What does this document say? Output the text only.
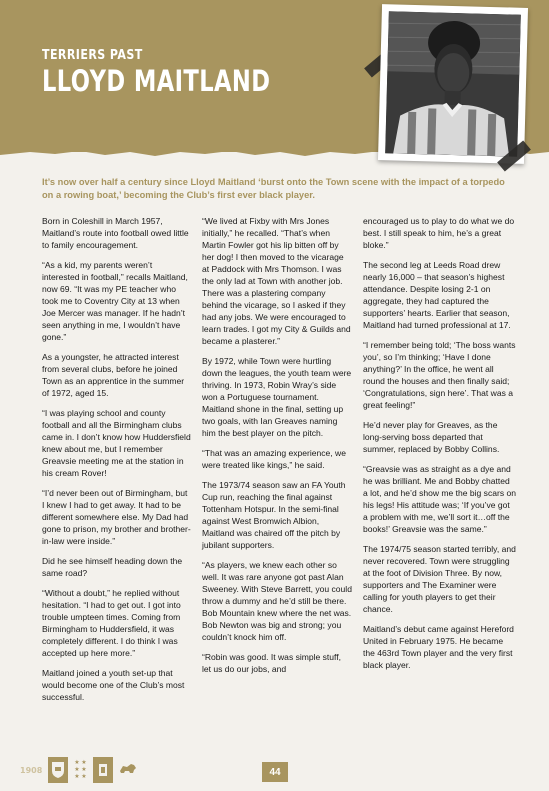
TERRIERS PAST
LLOYD MAITLAND
It’s now over half a century since Lloyd Maitland ‘burst onto the Town scene with the impact of a torpedo on a rowing boat,’ becoming the Club’s first ever black player.

Born in Coleshill in March 1957, Maitland’s route into football owed little to family encouragement.

“As a kid, my parents weren’t interested in football,” recalls Maitland, now 69. “It was my PE teacher who took me to Coventry City at 13 when Joe Mercer was manager. If he hadn’t seen anything in me, I wouldn’t have gone.”

As a youngster, he attracted interest from several clubs, before he joined Town as an apprentice in the summer of 1972, aged 15.

“I was playing school and county football and all the Birmingham clubs came in. I don’t know how Huddersfield knew about me, but I remember Greavsie meeting me at the station in his cream Rover!

“I’d never been out of Birmingham, but I knew I had to get away. It had to be different somewhere else. My Dad had gone to prison, my brother and brother-in-law were inside.”

Did he see himself heading down the same road?

“Without a doubt,” he replied without hesitation. “I had to get out. I got into trouble umpteen times. Coming from Birmingham to Huddersfield, it was completely different. I do think I was accepted up here more.”

Maitland joined a youth set-up that would become one of the Club’s most successful.

“We lived at Fixby with Mrs Jones initially,” he recalled. “That’s when Martin Fowler got his lip bitten off by her dog! I then moved to the vicarage at Paddock with Mrs Thomson. I was the only lad at Town with another job. There was a plastering company behind the vicarage, so I asked if they had any jobs. We were encouraged to learn trades. I got my City & Guilds and became a plasterer.”

By 1972, while Town were hurtling down the leagues, the youth team were thriving. In 1973, Robin Wray’s side won a Portuguese tournament. Maitland shone in the final, setting up two goals, with Ian Greaves naming him the best player on the pitch.

“That was an amazing experience, we were treated like kings,” he said.

The 1973/74 season saw an FA Youth Cup run, reaching the final against Tottenham Hotspur. In the semi-final against West Bromwich Albion, Maitland was chaired off the pitch by jubilant supporters.

“As players, we knew each other so well. It was rare anyone got past Alan Sweeney. With Steve Barrett, you could throw a dummy and he’d still be there. Bob Mountain knew where the net was. Bob Newton was big and strong; you couldn’t knock him off.

“Robin was good. It was simple stuff, let us do our jobs, and

encouraged us to play to do what we do best. I still speak to him, he’s a great bloke.”

The second leg at Leeds Road drew nearly 16,000 – that season’s highest attendance. Despite losing 2-1 on aggregate, they had captured the supporters’ hearts. Earlier that season, Maitland had turned professional at 17.

“I remember being told; ‘The boss wants you’, so I’m thinking; ‘Have I done anything?’ In the office, he went all round the houses and then finally said; ‘Congratulations, sign here’. That was a great feeling!”

He’d never play for Greaves, as the long-serving boss departed that summer, replaced by Bobby Collins.

“Greavsie was as straight as a dye and he was brilliant. Me and Bobby chatted a lot, and he’d show me the big scars on his legs! His attitude was; ‘If you’ve got a problem with me, we’ll sort it…off the books!’ Greavsie was the same.”

The 1974/75 season started terribly, and never recovered. Town were struggling at the foot of Division Three. By now, supporters and The Examiner were calling for youth players to get their chance.

Maitland’s debut came against Hereford United in February 1975. He became the 463rd Town player and the very first black player.

1908
★ ★
★ ★
★ ★	44
